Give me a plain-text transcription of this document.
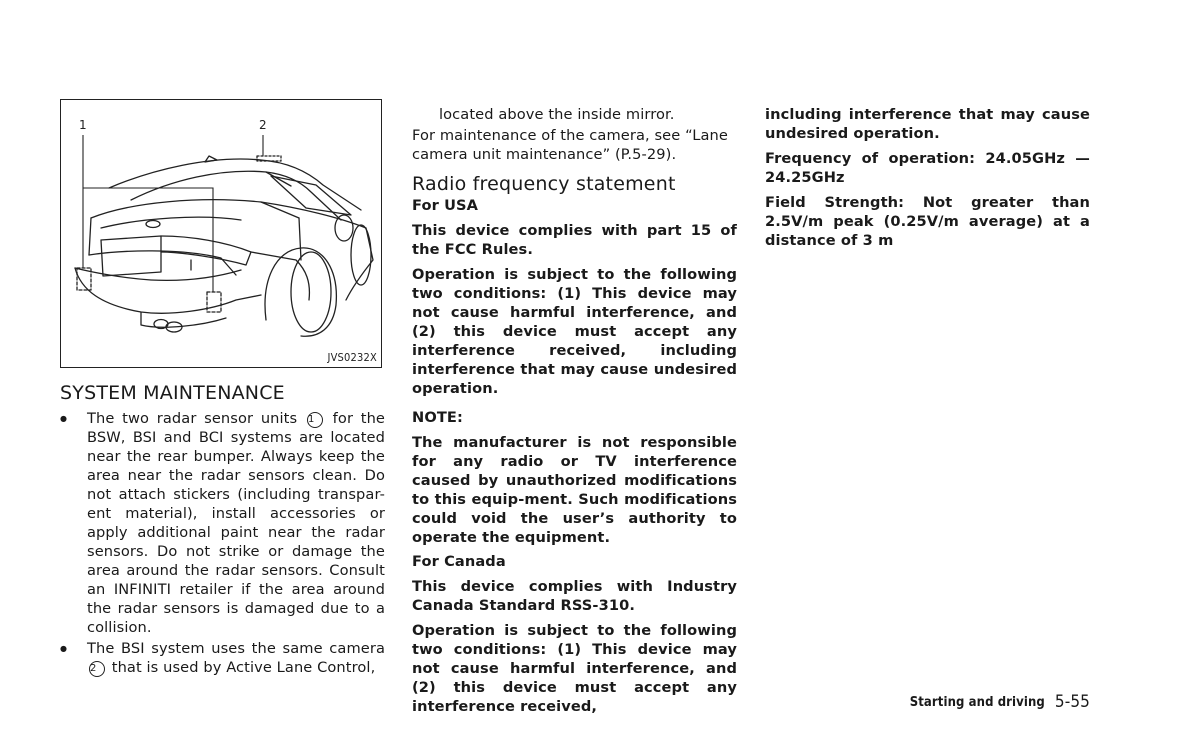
1	2
JVS0232X
SYSTEM MAINTENANCE
● The two radar sensor units 1 for the BSW, BSI and BCI systems are located near the rear bumper. Always keep the area near the radar sensors clean. Do not attach stickers (including transpar-ent material), install accessories or apply additional paint near the radar sensors. Do not strike or damage the area around the radar sensors. Consult an INFINITI retailer if the area around the radar sensors is damaged due to a collision.
● The BSI system uses the same camera 2 that is used by Active Lane Control,

located above the inside mirror.

For maintenance of the camera, see “Lane camera unit maintenance” (P.5-29).

Radio frequency statement

For USA

This device complies with part 15 of the FCC Rules.

Operation is subject to the following two conditions: (1) This device may not cause harmful interference, and (2) this device must accept any interference received, including interference that may cause undesired operation.

NOTE:

The manufacturer is not responsible for any radio or TV interference caused by unauthorized modifications to this equip-ment. Such modifications could void the user’s authority to operate the equipment.

For Canada

This device complies with Industry Canada Standard RSS-310.

Operation is subject to the following two conditions: (1) This device may not cause harmful interference, and (2) this device must accept any interference received,

including interference that may cause undesired operation.

Frequency of operation: 24.05GHz — 24.25GHz

Field Strength: Not greater than 2.5V/m peak (0.25V/m average) at a distance of 3 m

Starting and driving 5-55
